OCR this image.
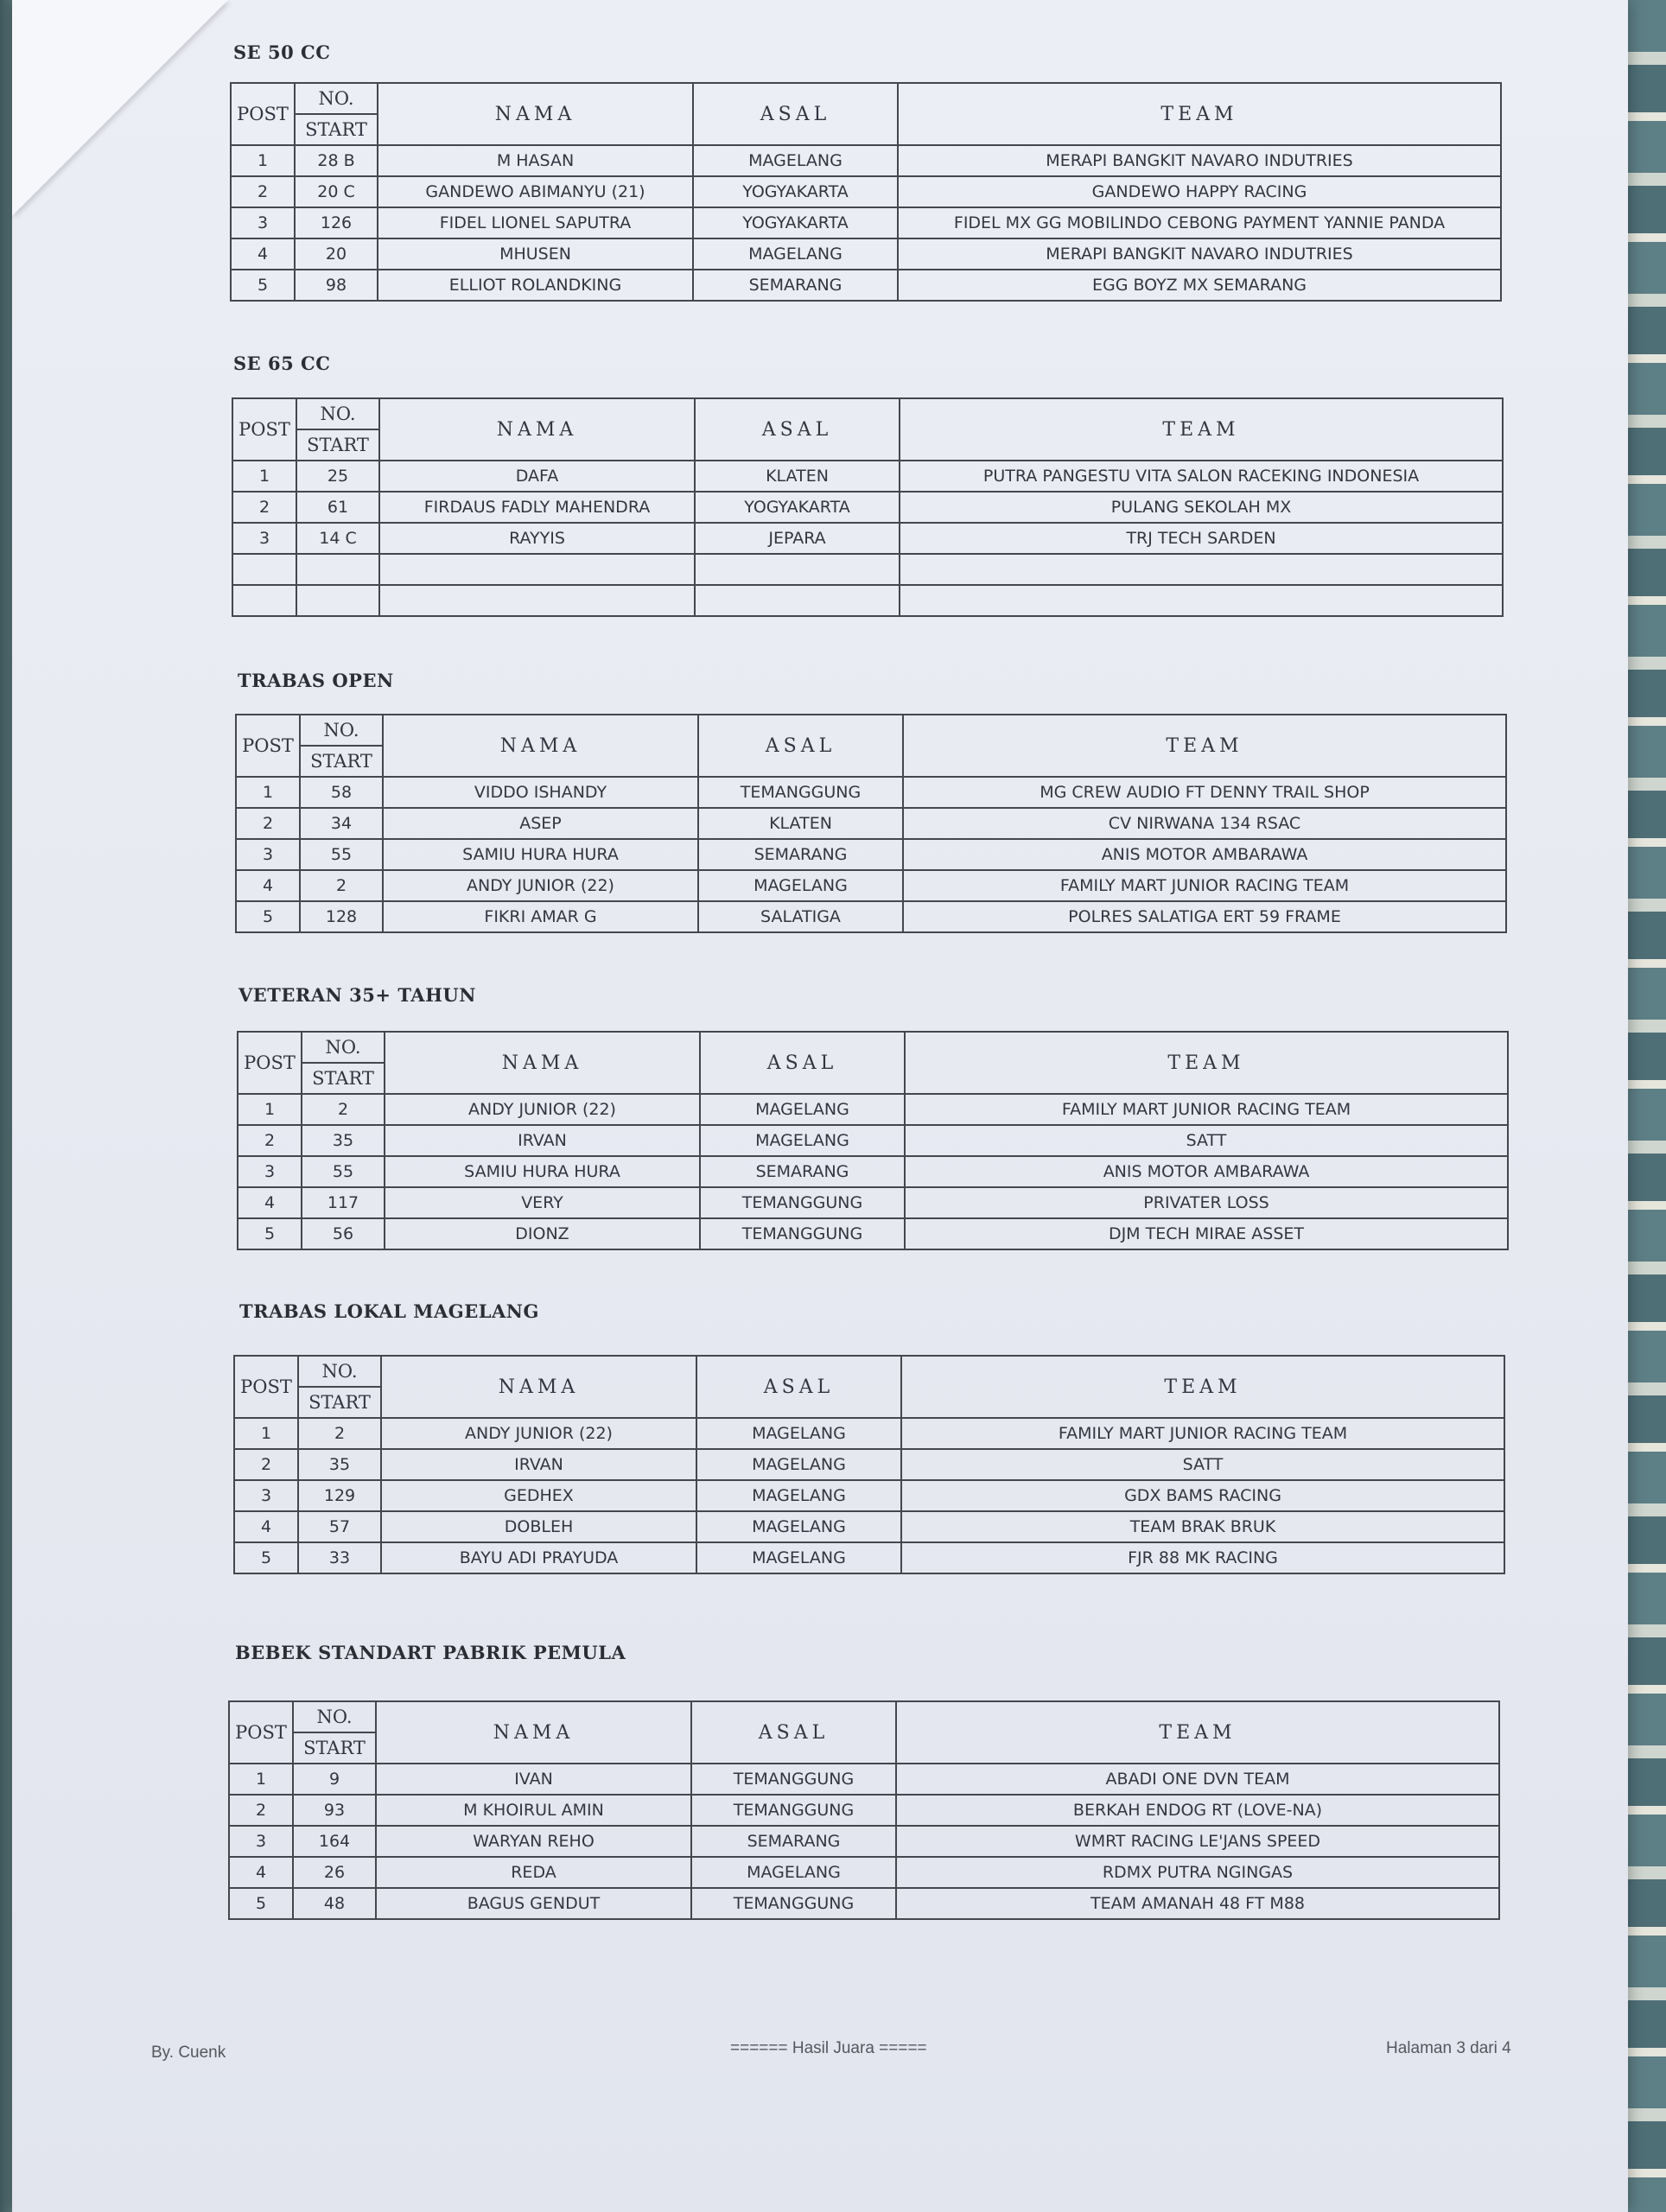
SE 50 CC
POST	NO.	NAMA	ASAL	TEAM
	START			
1	28 B	M HASAN	MAGELANG	MERAPI BANGKIT NAVARO INDUTRIES
2	20 C	GANDEWO ABIMANYU (21)	YOGYAKARTA	GANDEWO HAPPY RACING
3	126	FIDEL LIONEL SAPUTRA	YOGYAKARTA	FIDEL MX GG MOBILINDO CEBONG PAYMENT YANNIE PANDA
4	20	MHUSEN	MAGELANG	MERAPI BANGKIT NAVARO INDUTRIES
5	98	ELLIOT ROLANDKING	SEMARANG	EGG BOYZ MX SEMARANG
SE 65 CC
POST	NO.	NAMA	ASAL	TEAM
	START			
1	25	DAFA	KLATEN	PUTRA PANGESTU VITA SALON RACEKING INDONESIA
2	61	FIRDAUS FADLY MAHENDRA	YOGYAKARTA	PULANG SEKOLAH MX
3	14 C	RAYYIS	JEPARA	TRJ TECH SARDEN

TRABAS OPEN
POST	NO.	NAMA	ASAL	TEAM
	START			
1	58	VIDDO ISHANDY	TEMANGGUNG	MG CREW AUDIO FT DENNY TRAIL SHOP
2	34	ASEP	KLATEN	CV NIRWANA 134 RSAC
3	55	SAMIU HURA HURA	SEMARANG	ANIS MOTOR AMBARAWA
4	2	ANDY JUNIOR (22)	MAGELANG	FAMILY MART JUNIOR RACING TEAM
5	128	FIKRI AMAR G	SALATIGA	POLRES SALATIGA ERT 59 FRAME
VETERAN 35+ TAHUN
POST	NO.	NAMA	ASAL	TEAM
	START			
1	2	ANDY JUNIOR (22)	MAGELANG	FAMILY MART JUNIOR RACING TEAM
2	35	IRVAN	MAGELANG	SATT
3	55	SAMIU HURA HURA	SEMARANG	ANIS MOTOR AMBARAWA
4	117	VERY	TEMANGGUNG	PRIVATER LOSS
5	56	DIONZ	TEMANGGUNG	DJM TECH MIRAE ASSET
TRABAS LOKAL MAGELANG
POST	NO.	NAMA	ASAL	TEAM
	START			
1	2	ANDY JUNIOR (22)	MAGELANG	FAMILY MART JUNIOR RACING TEAM
2	35	IRVAN	MAGELANG	SATT
3	129	GEDHEX	MAGELANG	GDX BAMS RACING
4	57	DOBLEH	MAGELANG	TEAM BRAK BRUK
5	33	BAYU ADI PRAYUDA	MAGELANG	FJR 88 MK RACING
BEBEK STANDART PABRIK PEMULA
POST	NO.	NAMA	ASAL	TEAM
	START			
1	9	IVAN	TEMANGGUNG	ABADI ONE DVN TEAM
2	93	M KHOIRUL AMIN	TEMANGGUNG	BERKAH ENDOG RT (LOVE-NA)
3	164	WARYAN REHO	SEMARANG	WMRT RACING LE'JANS SPEED
4	26	REDA	MAGELANG	RDMX PUTRA NGINGAS
5	48	BAGUS GENDUT	TEMANGGUNG	TEAM AMANAH 48 FT M88

By. Cuenk	====== Hasil Juara =====	Halaman 3 dari 4
